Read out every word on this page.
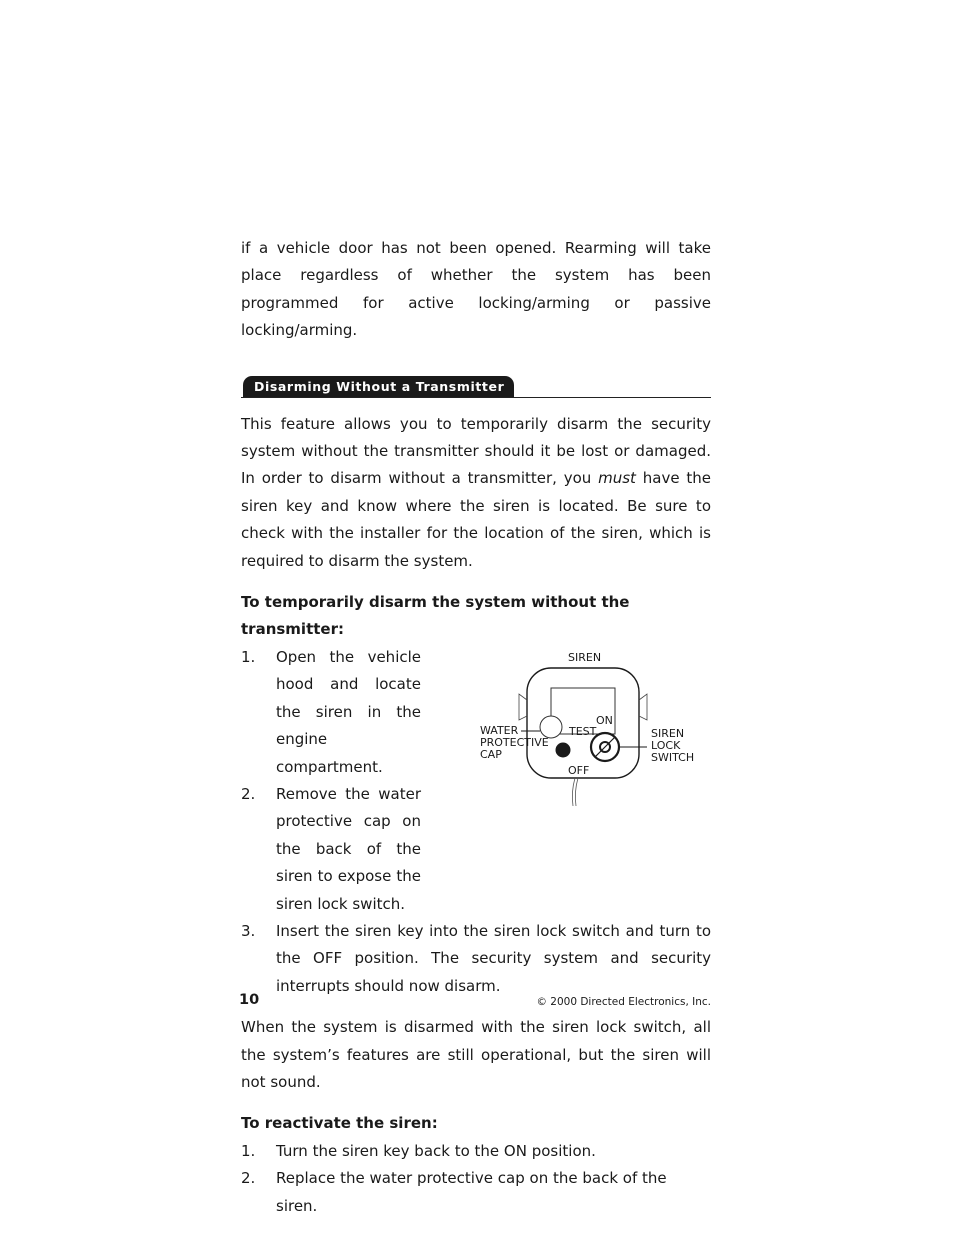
if a vehicle door has not been opened. Rearming will take place regardless of whether the system has been programmed for active locking/arming or passive locking/arming.

Disarming Without a Transmitter

This feature allows you to temporarily disarm the security system without the transmitter should it be lost or damaged. In order to disarm without a transmitter, you must have the siren key and know where the siren is located. Be sure to check with the installer for the location of the siren, which is required to disarm the system.

To temporarily disarm the system without the transmitter:
1. Open the vehicle hood and locate the siren in the engine compartment.
2. Remove the water protective cap on the back of the siren to expose the siren lock switch.
SIREN
WATER
PROTECTIVE
CAP
ON
TEST
OFF
SIREN
LOCK
SWITCH
3. Insert the siren key into the siren lock switch and turn to the OFF position. The security system and security interrupts should now disarm.

When the system is disarmed with the siren lock switch, all the system’s features are still operational, but the siren will not sound.

To reactivate the siren:
1. Turn the siren key back to the ON position.
2. Replace the water protective cap on the back of the siren.
10	© 2000 Directed Electronics, Inc.
